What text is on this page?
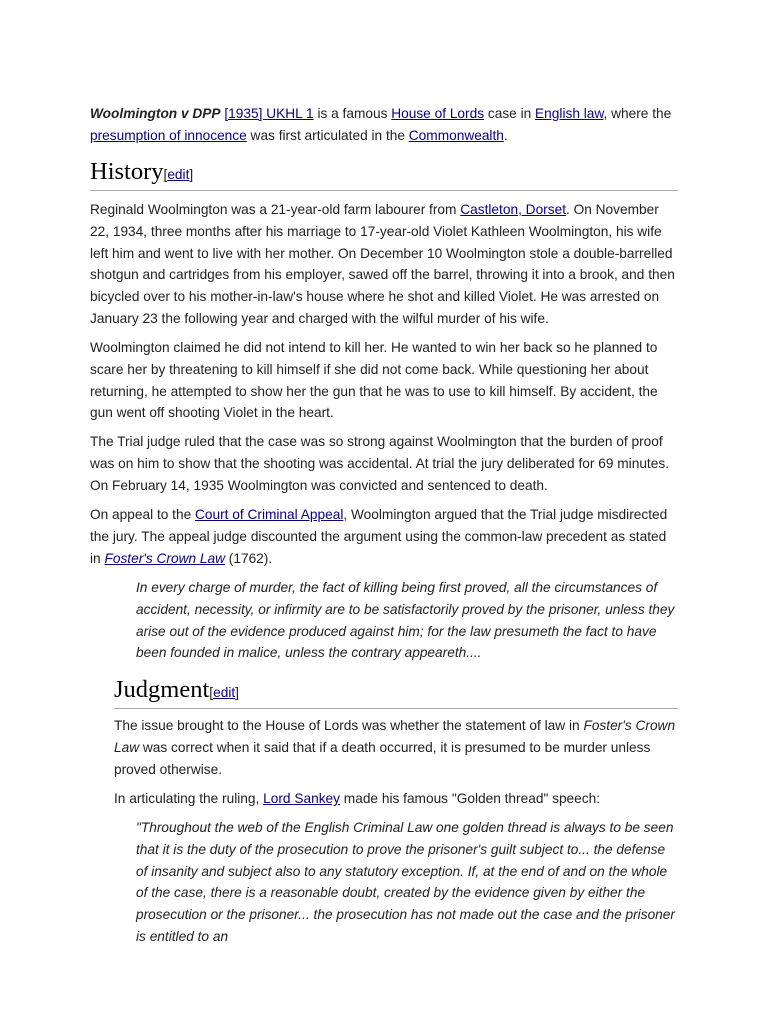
Woolmington v DPP [1935] UKHL 1 is a famous House of Lords case in English law, where the presumption of innocence was first articulated in the Commonwealth.

History[edit]

Reginald Woolmington was a 21-year-old farm labourer from Castleton, Dorset. On November 22, 1934, three months after his marriage to 17-year-old Violet Kathleen Woolmington, his wife left him and went to live with her mother. On December 10 Woolmington stole a double-barrelled shotgun and cartridges from his employer, sawed off the barrel, throwing it into a brook, and then bicycled over to his mother-in-law's house where he shot and killed Violet. He was arrested on January 23 the following year and charged with the wilful murder of his wife.

Woolmington claimed he did not intend to kill her. He wanted to win her back so he planned to scare her by threatening to kill himself if she did not come back. While questioning her about returning, he attempted to show her the gun that he was to use to kill himself. By accident, the gun went off shooting Violet in the heart.

The Trial judge ruled that the case was so strong against Woolmington that the burden of proof was on him to show that the shooting was accidental. At trial the jury deliberated for 69 minutes. On February 14, 1935 Woolmington was convicted and sentenced to death.

On appeal to the Court of Criminal Appeal, Woolmington argued that the Trial judge misdirected the jury. The appeal judge discounted the argument using the common-law precedent as stated in Foster's Crown Law (1762).

In every charge of murder, the fact of killing being first proved, all the circumstances of accident, necessity, or infirmity are to be satisfactorily proved by the prisoner, unless they arise out of the evidence produced against him; for the law presumeth the fact to have been founded in malice, unless the contrary appeareth....
Judgment[edit]

The issue brought to the House of Lords was whether the statement of law in Foster's Crown Law was correct when it said that if a death occurred, it is presumed to be murder unless proved otherwise.

In articulating the ruling, Lord Sankey made his famous "Golden thread" speech:

"Throughout the web of the English Criminal Law one golden thread is always to be seen that it is the duty of the prosecution to prove the prisoner's guilt subject to... the defense of insanity and subject also to any statutory exception. If, at the end of and on the whole of the case, there is a reasonable doubt, created by the evidence given by either the prosecution or the prisoner... the prosecution has not made out the case and the prisoner is entitled to an
